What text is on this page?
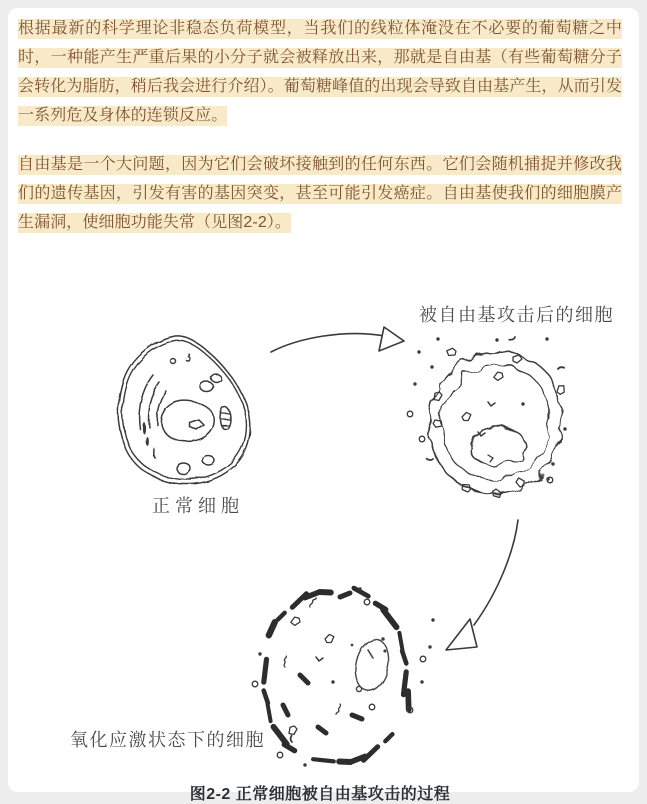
根据最新的科学理论非稳态负荷模型，当我们的线粒体淹没在不必要的葡萄糖之中时，一种能产生严重后果的小分子就会被释放出来，那就是自由基（有些葡萄糖分子会转化为脂肪，稍后我会进行介绍）。葡萄糖峰值的出现会导致自由基产生，从而引发一系列危及身体的连锁反应。

自由基是一个大问题，因为它们会破坏接触到的任何东西。它们会随机捕捉并修改我们的遗传基因，引发有害的基因突变，甚至可能引发癌症。自由基使我们的细胞膜产生漏洞，使细胞功能失常（见图2-2）。

被自由基攻击后的细胞
正常细胞
氧化应激状态下的细胞
图2-2 正常细胞被自由基攻击的过程
